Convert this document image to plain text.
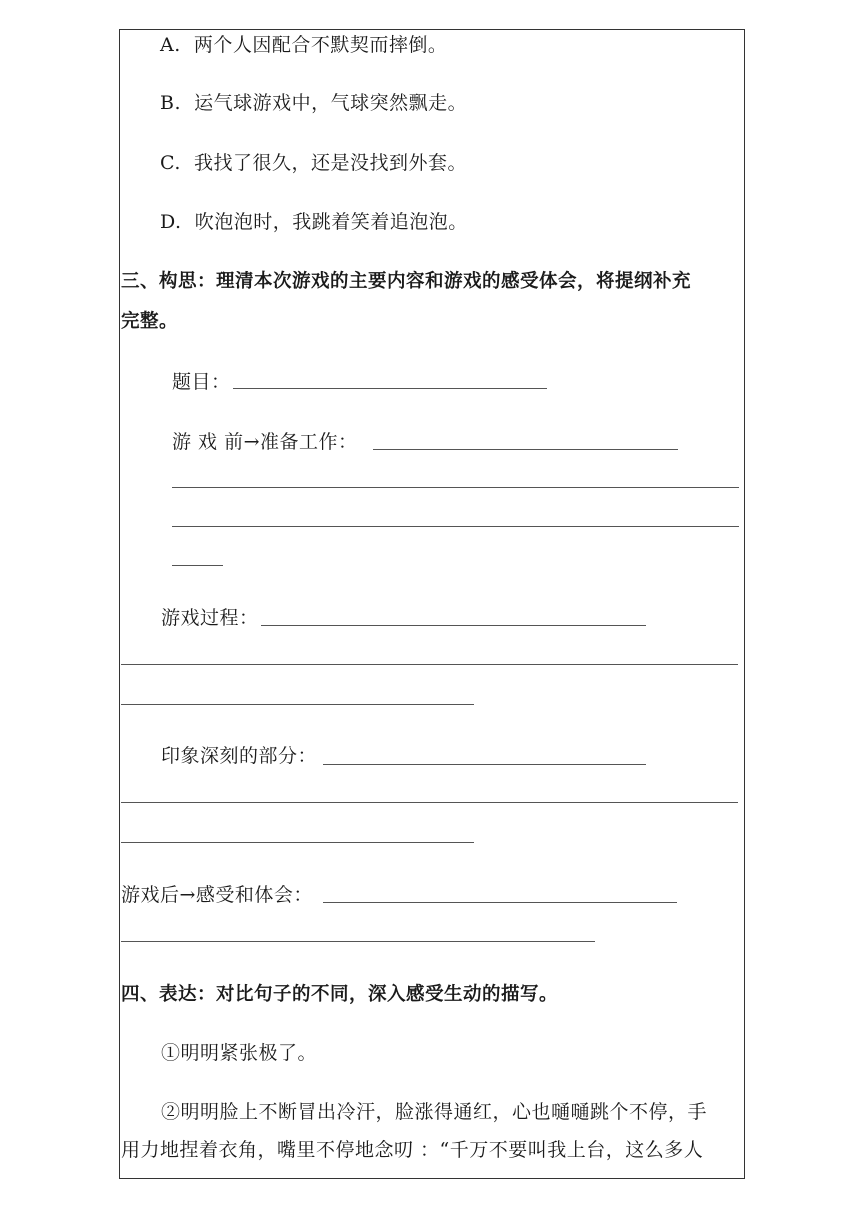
A. 两个人因配合不默契而摔倒。
B. 运气球游戏中，气球突然飘走。
C. 我找了很久，还是没找到外套。
D. 吹泡泡时，我跳着笑着追泡泡。
三、构思：理清本次游戏的主要内容和游戏的感受体会，将提纲补充
完整。
题目：
游 戏 前→准备工作：
游戏过程：
印象深刻的部分：
游戏后→感受和体会：
四、表达：对比句子的不同，深入感受生动的描写。
①明明紧张极了。
②明明脸上不断冒出冷汗，脸涨得通红，心也嗵嗵跳个不停，手
用力地捏着衣角，嘴里不停地念叨 ：“千万不要叫我上台，这么多人
